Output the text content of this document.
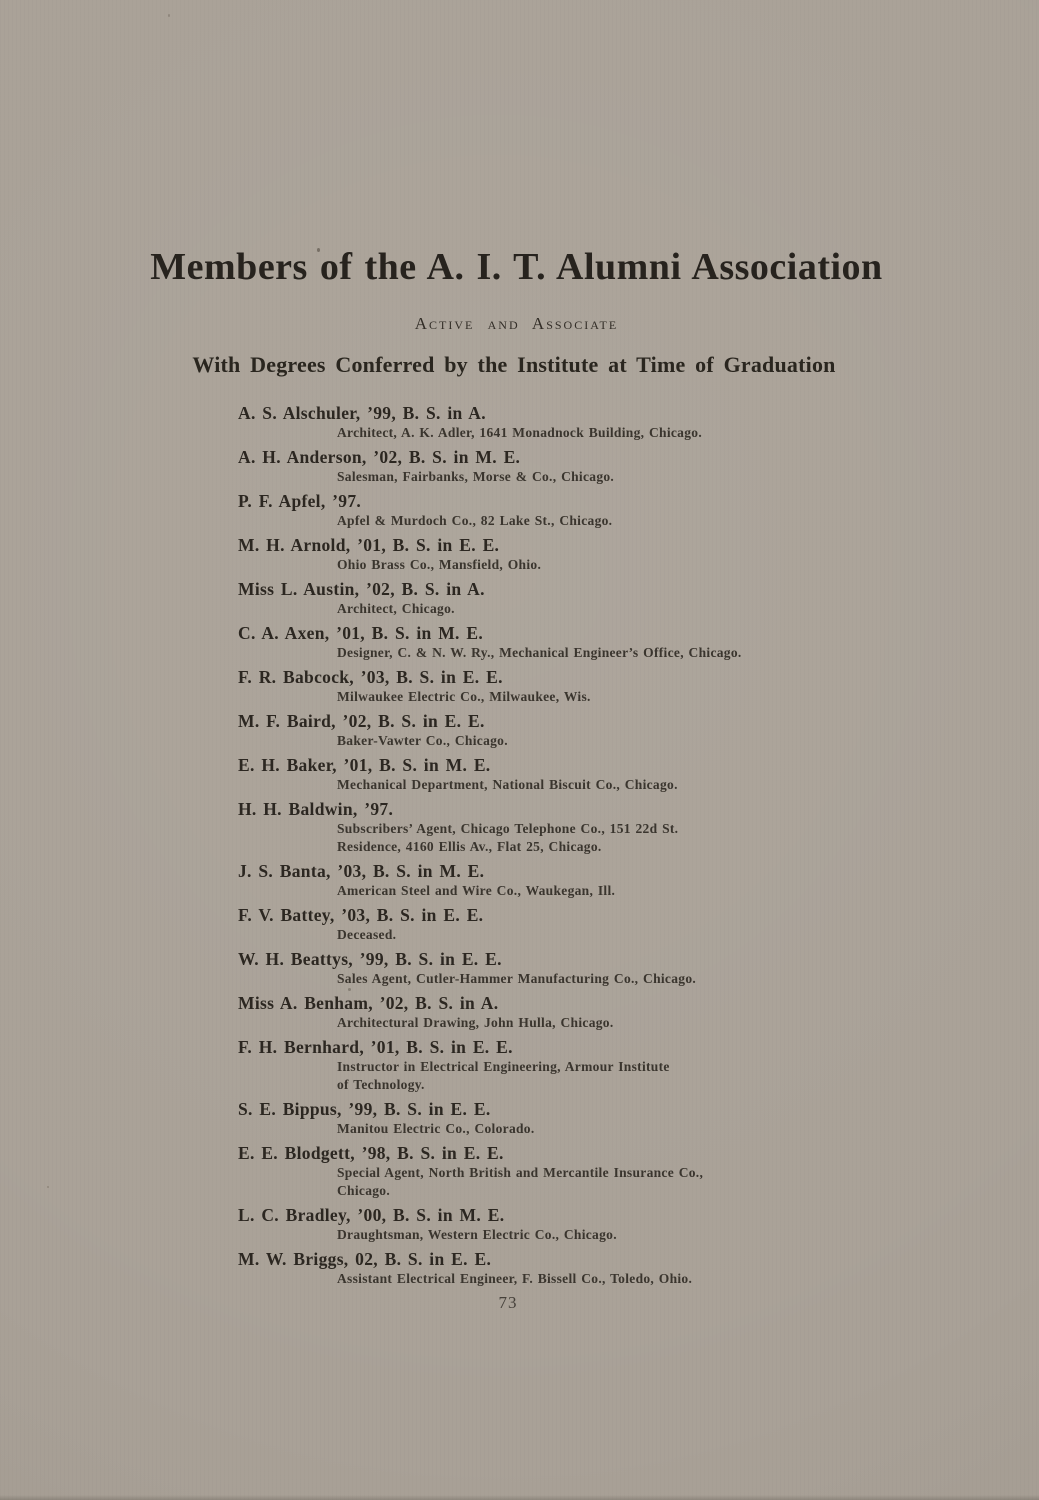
Members of the A. I. T. Alumni Association
Active and Associate
With Degrees Conferred by the Institute at Time of Graduation
A. S. Alschuler, ’99, B. S. in A.
Architect, A. K. Adler, 1641 Monadnock Building, Chicago.
A. H. Anderson, ’02, B. S. in M. E.
Salesman, Fairbanks, Morse & Co., Chicago.
P. F. Apfel, ’97.
Apfel & Murdoch Co., 82 Lake St., Chicago.
M. H. Arnold, ’01, B. S. in E. E.
Ohio Brass Co., Mansfield, Ohio.
Miss L. Austin, ’02, B. S. in A.
Architect, Chicago.
C. A. Axen, ’01, B. S. in M. E.
Designer, C. & N. W. Ry., Mechanical Engineer’s Office, Chicago.
F. R. Babcock, ’03, B. S. in E. E.
Milwaukee Electric Co., Milwaukee, Wis.
M. F. Baird, ’02, B. S. in E. E.
Baker-Vawter Co., Chicago.
E. H. Baker, ’01, B. S. in M. E.
Mechanical Department, National Biscuit Co., Chicago.
H. H. Baldwin, ’97.
Subscribers’ Agent, Chicago Telephone Co., 151 22d St.
Residence, 4160 Ellis Av., Flat 25, Chicago.
J. S. Banta, ’03, B. S. in M. E.
American Steel and Wire Co., Waukegan, Ill.
F. V. Battey, ’03, B. S. in E. E.
Deceased.
W. H. Beattys, ’99, B. S. in E. E.
Sales Agent, Cutler-Hammer Manufacturing Co., Chicago.
Miss A. Benham, ’02, B. S. in A.
Architectural Drawing, John Hulla, Chicago.
F. H. Bernhard, ’01, B. S. in E. E.
Instructor in Electrical Engineering, Armour Institute
of Technology.
S. E. Bippus, ’99, B. S. in E. E.
Manitou Electric Co., Colorado.
E. E. Blodgett, ’98, B. S. in E. E.
Special Agent, North British and Mercantile Insurance Co.,
Chicago.
L. C. Bradley, ’00, B. S. in M. E.
Draughtsman, Western Electric Co., Chicago.
M. W. Briggs, 02, B. S. in E. E.
Assistant Electrical Engineer, F. Bissell Co., Toledo, Ohio.
73
